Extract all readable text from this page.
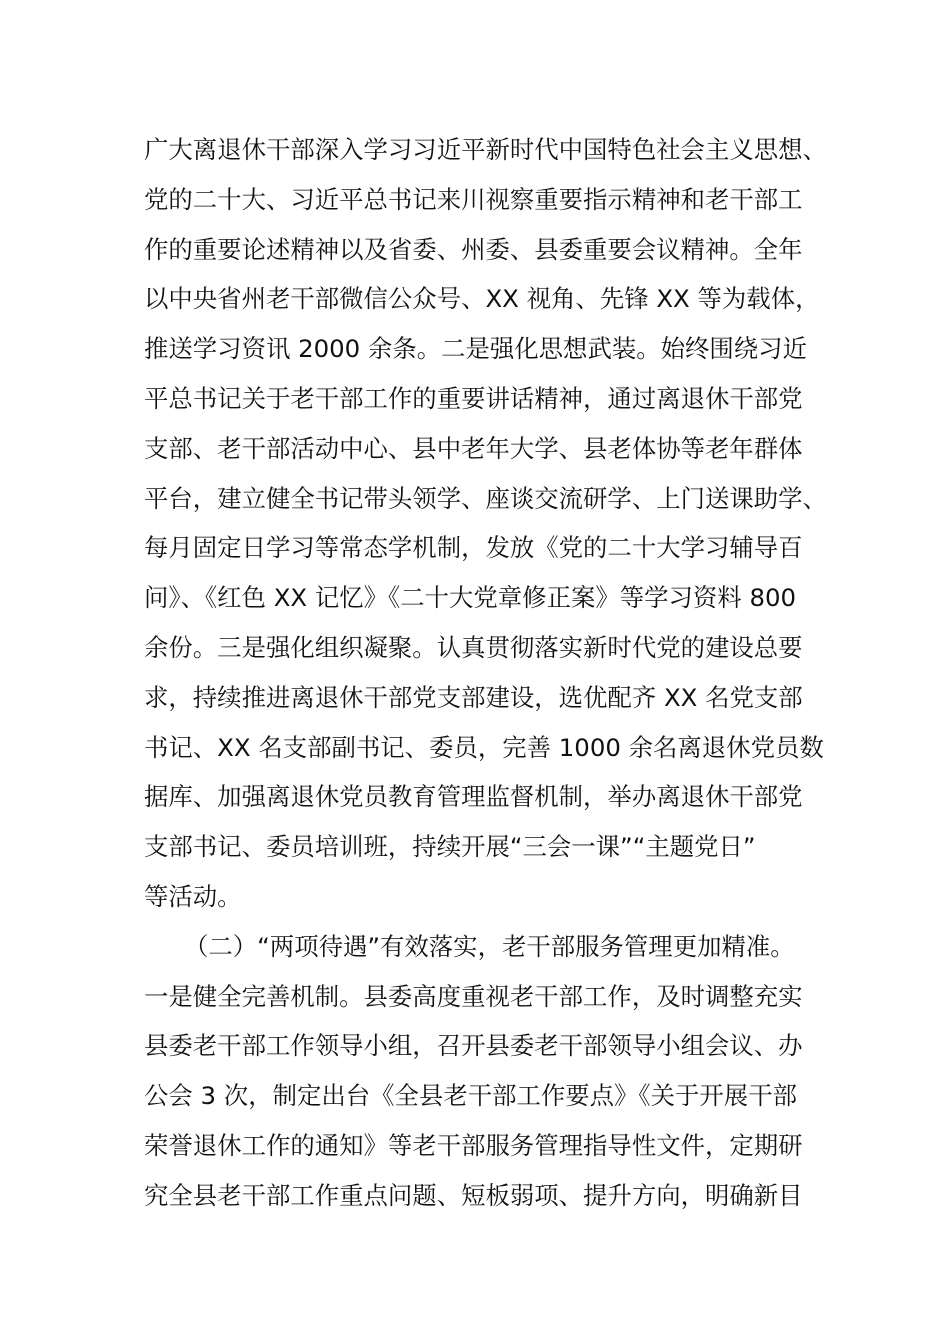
广大离退休干部深入学习习近平新时代中国特色社会主义思想、
党的二十大、习近平总书记来川视察重要指示精神和老干部工
作的重要论述精神以及省委、州委、县委重要会议精神。全年
以中央省州老干部微信公众号、XX 视角、先锋 XX 等为载体，
推送学习资讯 2000 余条。二是强化思想武装。始终围绕习近
平总书记关于老干部工作的重要讲话精神，通过离退休干部党
支部、老干部活动中心、县中老年大学、县老体协等老年群体
平台，建立健全书记带头领学、座谈交流研学、上门送课助学、
每月固定日学习等常态学机制，发放《党的二十大学习辅导百
问》、《红色 XX 记忆》《二十大党章修正案》等学习资料 800
余份。三是强化组织凝聚。认真贯彻落实新时代党的建设总要
求，持续推进离退休干部党支部建设，选优配齐 XX 名党支部
书记、XX 名支部副书记、委员，完善 1000 余名离退休党员数
据库、加强离退休党员教育管理监督机制，举办离退休干部党
支部书记、委员培训班，持续开展“三会一课”“主题党日”
等活动。
（二）“两项待遇”有效落实，老干部服务管理更加精准。
一是健全完善机制。县委高度重视老干部工作，及时调整充实
县委老干部工作领导小组，召开县委老干部领导小组会议、办
公会 3 次，制定出台《全县老干部工作要点》《关于开展干部
荣誉退休工作的通知》等老干部服务管理指导性文件，定期研
究全县老干部工作重点问题、短板弱项、提升方向，明确新目
